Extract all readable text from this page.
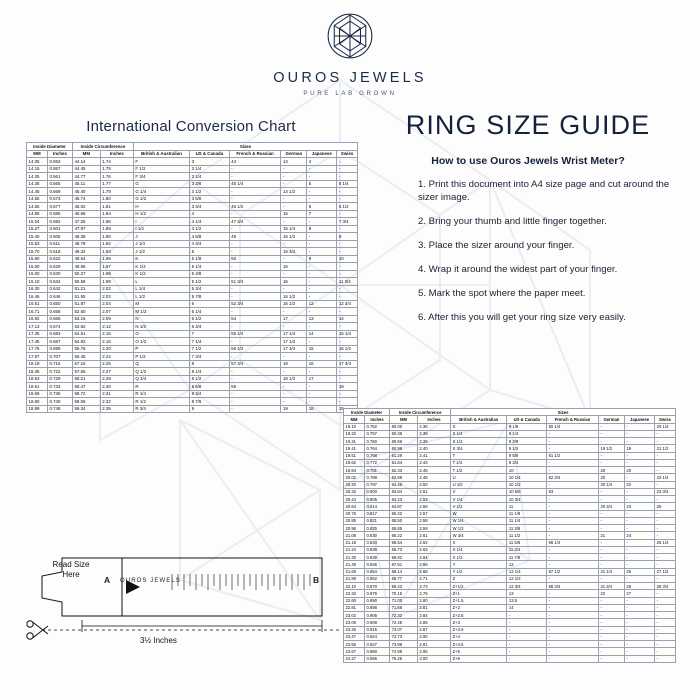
OUROS JEWELS
PURE LAB GROWN
International Conversion Chart
Inside Diameter		Inside Circumference		Sizes					
MM	Inches	MM	Inches	British & Australian	US & Canada	French & Russian	German	Japanese	Swiss
14.05	0.553	44.14	1.74	F	3	44	14	4	-
14.15	0.557	44.45	1.75	F 1/2	3 1/4	-	-	-	-
14.25	0.561	44.77	1.76	F 3/4	3 1/4	-	-	-	-
14.36	0.565	45.11	1.77	G	3 3/8	45 1/4	-	5	5 1/4
14.45	0.569	45.40	1.79	G 1/4	3 1/2	-	14 1/2	-	-
14.55	0.573	45.74	1.80	G 1/2	3 5/8	-	-	-	-
14.65	0.577	46.02	1.81	H	3 3/4	46 1/2	-	6	6 1/2
14.86	0.585	46.68	1.84	H 1/2	4	-	15	7	-
15.04	0.592	47.25	1.86	I	4 1/4	47 3/4	-	-	7 3/4
15.27	0.601	47.97	1.89	I 1/2	4 1/2	-	15 1/4	8	-
15.40	0.606	48.38	1.90	J	4 5/8	49	15 1/2	-	9
15.53	0.611	48.79	1.92	J 1/4	4 3/4	-	-	-	-
15.70	0.618	49.32	1.94	J 1/2	5	-	15 3/4	-	-
15.80	0.622	49.64	1.95	K	5 1/8	50	-	9	10
16.00	0.629	49.95	1.97	K 1/4	5 1/4	-	16	-	-
16.00	0.630	50.27	1.98	K 1/2	5 3/8	-	-	-	-
16.10	0.634	50.58	1.99	L	5 1/2	51 3/4	16	-	11 3/4
16.30	0.642	51.21	2.02	L 1/4	5 3/4	-	-	-	-
16.46	0.646	51.55	2.03	L 1/2	5 7/8	-	16 1/2	-	-
16.51	0.650	51.87	2.04	M	6	52 3/4	16 1/2	12	12 3/4
16.71	0.658	52.50	2.07	M 1/2	6 1/4	-	-	-	-
16.92	0.666	53.16	2.09	N	6 1/2	54	17	13	14
17.13	0.674	53.82	2.12	N 1/2	6 3/4	-	-	-	-
17.35	0.683	54.51	2.15	O	7	55 1/4	17 1/4	14	15 1/4
17.45	0.687	54.82	2.16	O 1/2	7 1/4	-	17 1/2	-	-
17.75	0.699	55.76	2.20	P	7 1/2	56 1/2	17 3/4	15	16 1/2
17.97	0.707	56.45	2.22	P 1/2	7 3/4	-	-	-	-
18.19	0.716	57.15	2.25	Q	8	57 3/4	18	16	17 3/4
18.35	0.722	57.65	2.27	Q 1/2	8 1/4	-	-	-	-
18.53	0.729	58.21	2.29	Q 3/4	8 1/2	-	18 1/2	17	-
18.61	0.733	58.47	2.30	R	8 5/8	59	-	-	19
18.69	0.736	58.72	2.31	R 1/4	8 3/4	-	-	-	-
18.80	0.740	59.06	2.32	R 1/2	8 7/8	-	-	-	-
18.89	0.748	59.34	2.35	R 3/4	9	-	19	18	19
Inside Diameter		Inside Circumference		Sizes					
MM	Inches	MM	Inches	British & Australian	US & Canada	French & Russian	German	Japanese	Swiss
19.10	0.752	60.00	2.36	S	9 1/8	60 1/4	-	-	20 1/4
19.22	0.757	60.38	2.38	S 1/4	9 1/4	-	-	-	-
19.31	0.760	60.66	2.39	S 1/2	9 3/8	-	-	-	-
19.41	0.764	60.98	2.40	S 3/4	9 1/2	-	19 1/2	19	21 1/2
19.51	0.768	61.29	2.41	T	9 5/8	61 1/2	-	-	-
19.62	0.772	61.64	2.43	T 1/4	9 3/4	-	-	-	-
19.84	0.781	62.33	2.45	T 1/2	10	-	20	20	-
20.02	0.788	62.89	2.48	U	10 1/4	62 3/4	20	-	23 1/4
20.20	0.797	63.46	2.50	U 1/2	10 1/2	-	20 1/4	22	-
20.32	0.800	63.84	2.51	V	10 5/8	63	-	-	23 3/4
20.44	0.805	64.23	2.53	V 1/4	10 3/4	-	-	-	-
20.64	0.814	64.87	2.56	V 1/2	11	-	20 3/4	23	25
20.76	0.817	65.22	2.57	W	11 1/8	-	-	-	-
20.85	0.821	65.50	2.58	W 1/4	11 1/4	-	-	-	-
20.96	0.825	65.85	2.59	W 1/2	11 3/8	-	-	-	-
21.08	0.830	66.22	2.61	W 3/4	11 1/2	-	21	24	-
21.18	0.834	66.54	2.62	X	11 5/8	66 1/4	-	-	26 1/4
21.24	0.836	66.73	2.63	X 1/4	11 3/4	-	-	-	-
21.30	0.839	66.92	2.64	X 1/2	11 7/8	-	-	-	-
21.49	0.846	67.51	2.66	Y	12	-	-	-	-
21.69	0.854	68.14	2.68	Y 1/2	12 1/4	67 1/2	21 1/4	25	27 1/2
21.89	0.862	68.77	2.71	Z	12 1/2	-	-	-	-
22.10	0.870	69.43	2.73	Z+1/2	12 3/4	68 3/4	21 3/4	26	28 3/4
22.33	0.879	70.15	2.76	Z+1	13	-	22	27	-
22.60	0.890	71.00	2.80	Z+1.5	13.5	-	-	-	-
22.81	0.898	71.66	2.81	Z+2	14	-	-	-	-
23.02	0.906	72.32	2.84	Z+2.5	-	-	-	-	-
23.06	0.908	72.45	2.85	Z+3	-	-	-	-	-
23.26	0.915	73.07	2.87	Z+3.5	-	-	-	-	-
23.47	0.924	73.73	2.90	Z+4	-	-	-	-	-
23.55	0.927	73.98	2.91	Z+4.5	-	-	-	-	-
23.67	0.960	74.99	2.95	Z+5	-	-	-	-	-
24.27	0.956	76.25	3.00	Z+6	-	-	-	-	-
RING SIZE GUIDE
How to use Ouros Jewels Wrist Meter?
1. Print this document into A4 size page and cut around the sizer image.
2. Bring your thumb and little finger together.
3. Place the sizer around your finger.
4. Wrap it around the widest part of your finger.
5. Mark the spot where the paper meet.
6. After this you will get your ring size very easily.
Read Size Here
A	B
OUROS JEWELS
3½ Inches
